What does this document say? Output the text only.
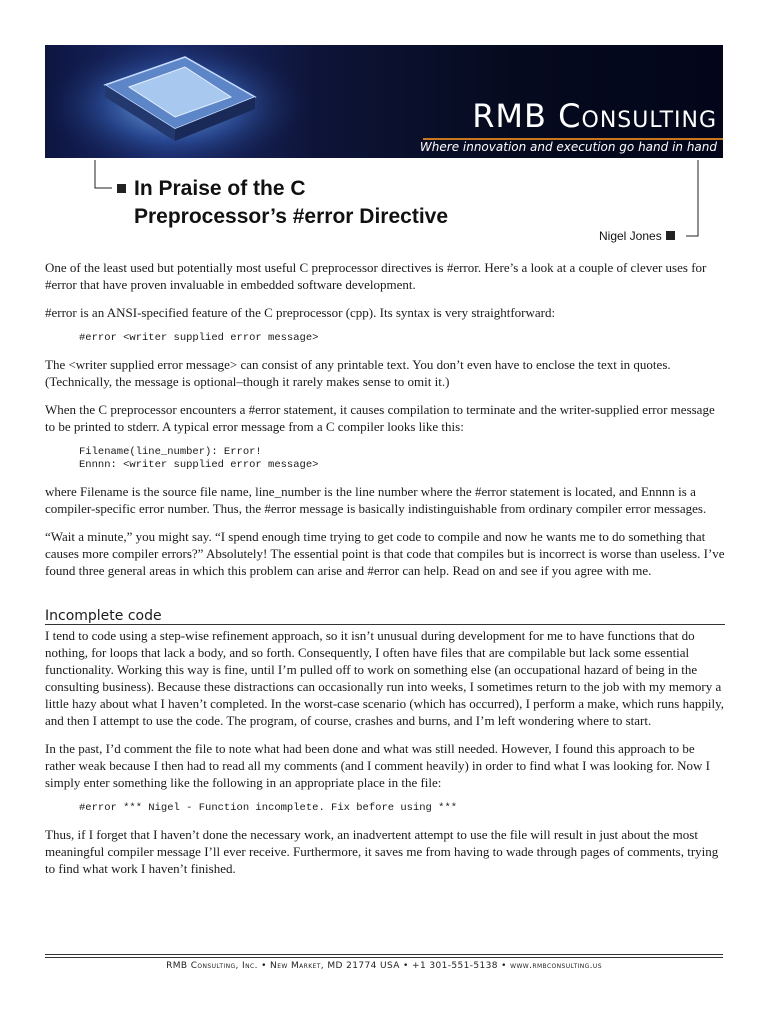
RMB Consulting
Where innovation and execution go hand in hand
In Praise of the C
Preprocessor’s #error Directive
Nigel Jones

One of the least used but potentially most useful C preprocessor directives is #error. Here’s a look at a couple of clever uses for #error that have proven invaluable in embedded software development.

#error is an ANSI-specified feature of the C preprocessor (cpp). Its syntax is very straightforward:

#error <writer supplied error message>

The <writer supplied error message> can consist of any printable text. You don’t even have to enclose the text in quotes. (Technically, the message is optional–though it rarely makes sense to omit it.)

When the C preprocessor encounters a #error statement, it causes compilation to terminate and the writer-supplied error message to be printed to stderr. A typical error message from a C compiler looks like this:

Filename(line_number): Error!
Ennnn: <writer supplied error message>

where Filename is the source file name, line_number is the line number where the #error statement is located, and Ennnn is a compiler-specific error number. Thus, the #error message is basically indistinguishable from ordinary compiler error messages.

“Wait a minute,” you might say. “I spend enough time trying to get code to compile and now he wants me to do something that causes more compiler errors?” Absolutely! The essential point is that code that compiles but is incorrect is worse than useless. I’ve found three general areas in which this problem can arise and #error can help. Read on and see if you agree with me.

Incomplete code

I tend to code using a step-wise refinement approach, so it isn’t unusual during development for me to have functions that do nothing, for loops that lack a body, and so forth. Consequently, I often have files that are compilable but lack some essential functionality. Working this way is fine, until I’m pulled off to work on something else (an occupational hazard of being in the consulting business). Because these distractions can occasionally run into weeks, I sometimes return to the job with my memory a little hazy about what I haven’t completed. In the worst-case scenario (which has occurred), I perform a make, which runs happily, and then I attempt to use the code. The program, of course, crashes and burns, and I’m left wondering where to start.

In the past, I’d comment the file to note what had been done and what was still needed. However, I found this approach to be rather weak because I then had to read all my comments (and I comment heavily) in order to find what I was looking for. Now I simply enter something like the following in an appropriate place in the file:

#error *** Nigel - Function incomplete. Fix before using ***

Thus, if I forget that I haven’t done the necessary work, an inadvertent attempt to use the file will result in just about the most meaningful compiler message I’ll ever receive. Furthermore, it saves me from having to wade through pages of comments, trying to find what work I haven’t finished.

RMB Consulting, Inc. • New Market, MD 21774 USA • +1 301-551-5138 • www.rmbconsulting.us
